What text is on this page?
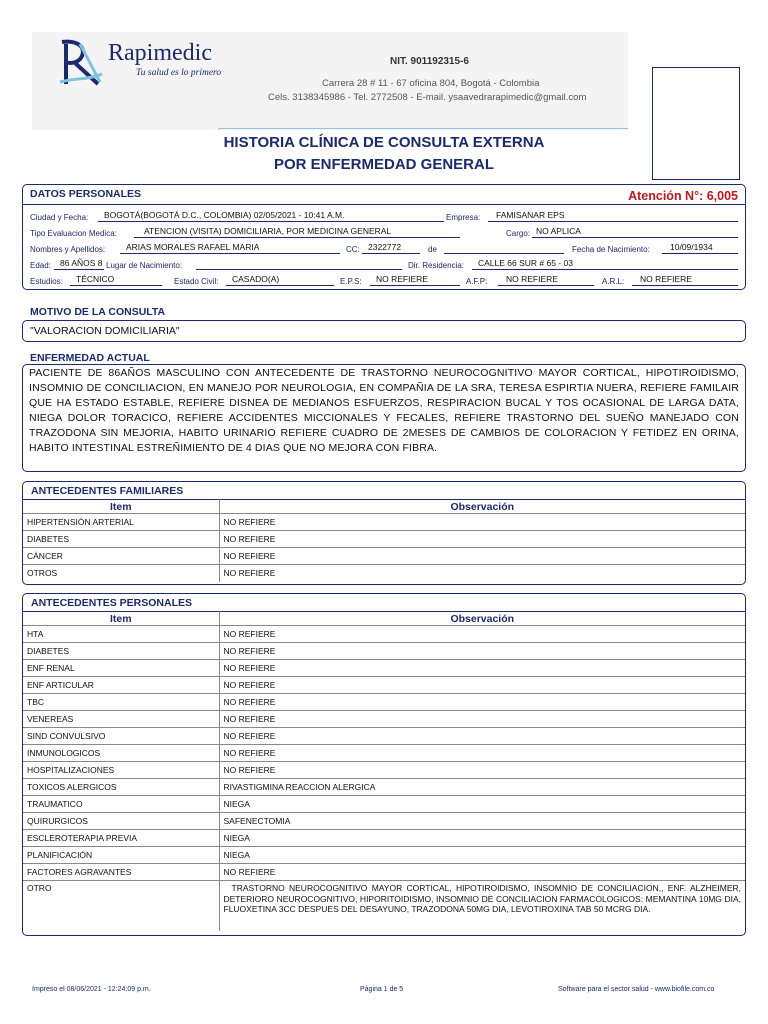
Rapimedic
Tu salud es lo primero
NIT. 901192315-6
Carrera 28 # 11 - 67 oficina 804, Bogotá - Colombia
Cels. 3138345986 - Tel. 2772508 - E-mail. ysaavedrarapimedic@gmail.com
HISTORIA CLÍNICA DE CONSULTA EXTERNA
POR ENFERMEDAD GENERAL
DATOS PERSONALES	Atención N°: 6,005
Ciudad y Fecha: BOGOTÁ(BOGOTÁ D.C., COLOMBIA) 02/05/2021 - 10:41 A.M.	Empresa: FAMISANAR EPS
Tipo Evaluacion Medica:	ATENCION (VISITA) DOMICILIARIA, POR MEDICINA GENERAL	Cargo: NO APLICA
Nombres y Apellidos: ARIAS MORALES RAFAEL MARIA	CC: 2322772	de	Fecha de Nacimiento: 10/09/1934
Edad: 86 AÑOS 8 Lugar de Nacimiento:	Dir. Residencia: CALLE 66 SUR # 65 - 03
Estudios: TÉCNICO	Estado Civil: CASADO(A)	E.P.S: NO REFIERE	A.F.P: NO REFIERE	A.R.L: NO REFIERE
MOTIVO DE LA CONSULTA
"VALORACION DOMICILIARIA"
ENFERMEDAD ACTUAL
PACIENTE DE 86AÑOS MASCULINO CON ANTECEDENTE DE TRASTORNO NEUROCOGNITIVO MAYOR CORTICAL, HIPOTIROIDISMO, INSOMNIO DE CONCILIACION, EN MANEJO POR NEUROLOGIA, EN COMPAÑIA DE LA SRA, TERESA ESPIRTIA NUERA, REFIERE FAMILAIR QUE HA ESTADO ESTABLE, REFIERE DISNEA DE MEDIANOS ESFUERZOS, RESPIRACION BUCAL Y TOS OCASIONAL DE LARGA DATA, NIEGA DOLOR TORACICO, REFIERE ACCIDENTES MICCIONALES Y FECALES, REFIERE TRASTORNO DEL SUEÑO MANEJADO CON TRAZODONA SIN MEJORIA, HABITO URINARIO REFIERE CUADRO DE 2MESES DE CAMBIOS DE COLORACION Y FETIDEZ EN ORINA, HABITO INTESTINAL ESTREÑIMIENTO DE 4 DIAS QUE NO MEJORA CON FIBRA.
ANTECEDENTES FAMILIARES
Item	Observación
HIPERTENSIÓN ARTERIAL	NO REFIERE
DIABETES	NO REFIERE
CÁNCER	NO REFIERE
OTROS	NO REFIERE
ANTECEDENTES PERSONALES
Item	Observación
HTA	NO REFIERE
DIABETES	NO REFIERE
ENF RENAL	NO REFIERE
ENF ARTICULAR	NO REFIERE
TBC	NO REFIERE
VENEREAS	NO REFIERE
SIND CONVULSIVO	NO REFIERE
INMUNOLOGICOS	NO REFIERE
HOSPITALIZACIONES	NO REFIERE
TOXICOS ALERGICOS	RIVASTIGMINA REACCION ALERGICA
TRAUMATICO	NIEGA
QUIRURGICOS	SAFENECTOMIA
ESCLEROTERAPIA PREVIA	NIEGA
PLANIFICACIÓN	NIEGA
FACTORES AGRAVANTES	NO REFIERE
OTRO	TRASTORNO NEUROCOGNITIVO MAYOR CORTICAL, HIPOTIROIDISMO, INSOMNIO DE CONCILIACION,, ENF. ALZHEIMER, DETERIORO NEUROCOGNITIVO, HIPORITOIDISMO, INSOMNIO DE CONCILIACION FARMACOLOGICOS: MEMANTINA 10MG DIA, FLUOXETINA 3CC DESPUES DEL DESAYUNO, TRAZODONA 50MG DIA, LEVOTIROXINA TAB 50 MCRG DIA.
Impreso el 08/06/2021 - 12:24:09 p.m.	Página 1 de 5	Software para el sector salud - www.biofile.com.co
